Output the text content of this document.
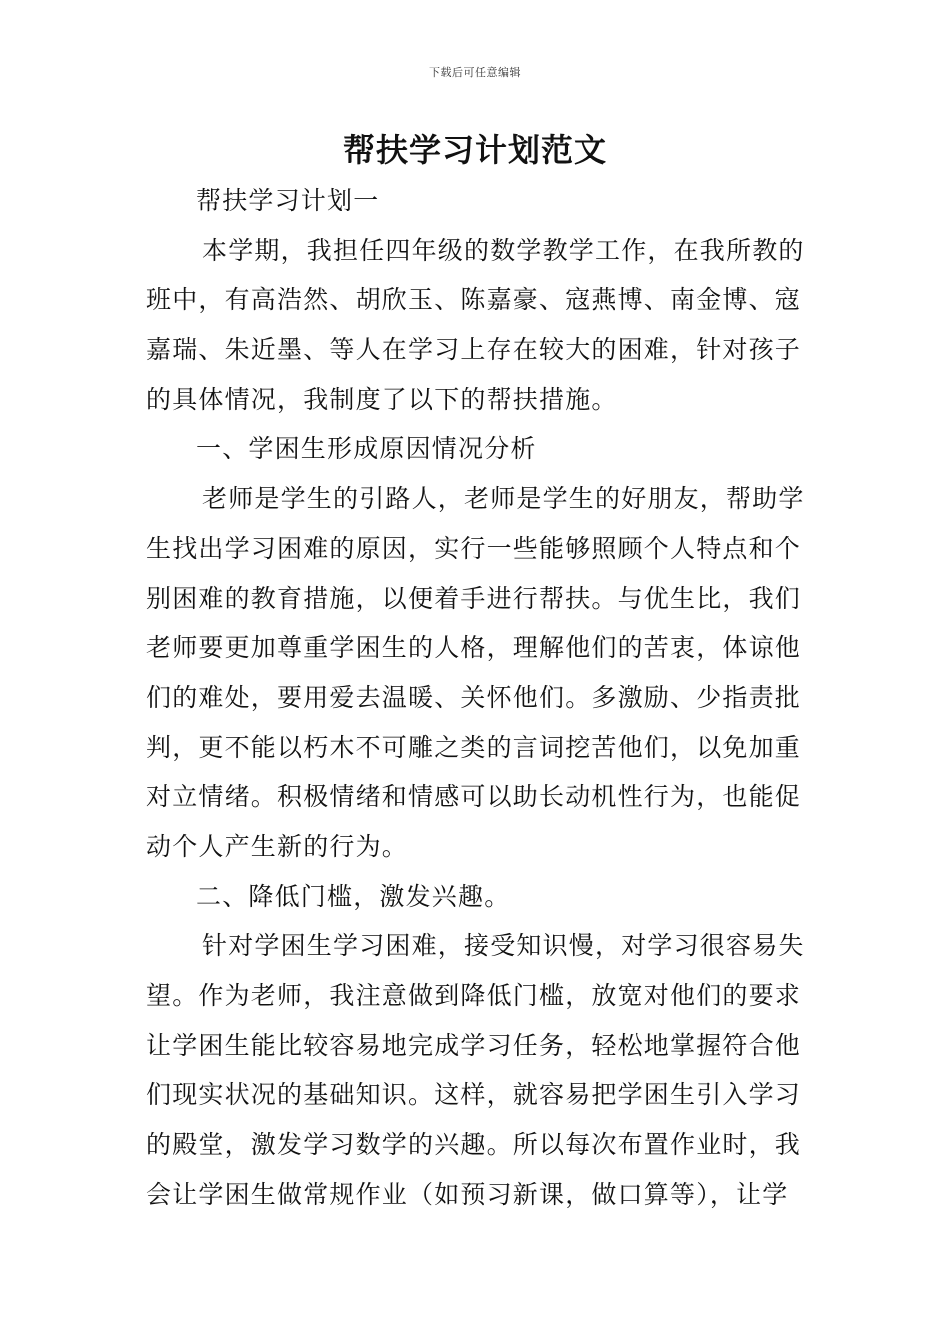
下载后可任意编辑
帮扶学习计划范文
帮扶学习计划一
本学期，我担任四年级的数学教学工作，在我所教的
班中，有高浩然、胡欣玉、陈嘉豪、寇燕博、南金博、寇
嘉瑞、朱近墨、等人在学习上存在较大的困难，针对孩子
的具体情况，我制度了以下的帮扶措施。
一、学困生形成原因情况分析
老师是学生的引路人，老师是学生的好朋友，帮助学
生找出学习困难的原因，实行一些能够照顾个人特点和个
别困难的教育措施，以便着手进行帮扶。与优生比，我们
老师要更加尊重学困生的人格，理解他们的苦衷，体谅他
们的难处，要用爱去温暖、关怀他们。多激励、少指责批
判，更不能以朽木不可雕之类的言词挖苦他们，以免加重
对立情绪。积极情绪和情感可以助长动机性行为，也能促
动个人产生新的行为。
二、降低门槛，激发兴趣。
针对学困生学习困难，接受知识慢，对学习很容易失
望。作为老师，我注意做到降低门槛，放宽对他们的要求
让学困生能比较容易地完成学习任务，轻松地掌握符合他
们现实状况的基础知识。这样，就容易把学困生引入学习
的殿堂，激发学习数学的兴趣。所以每次布置作业时，我
会让学困生做常规作业（如预习新课，做口算等），让学
